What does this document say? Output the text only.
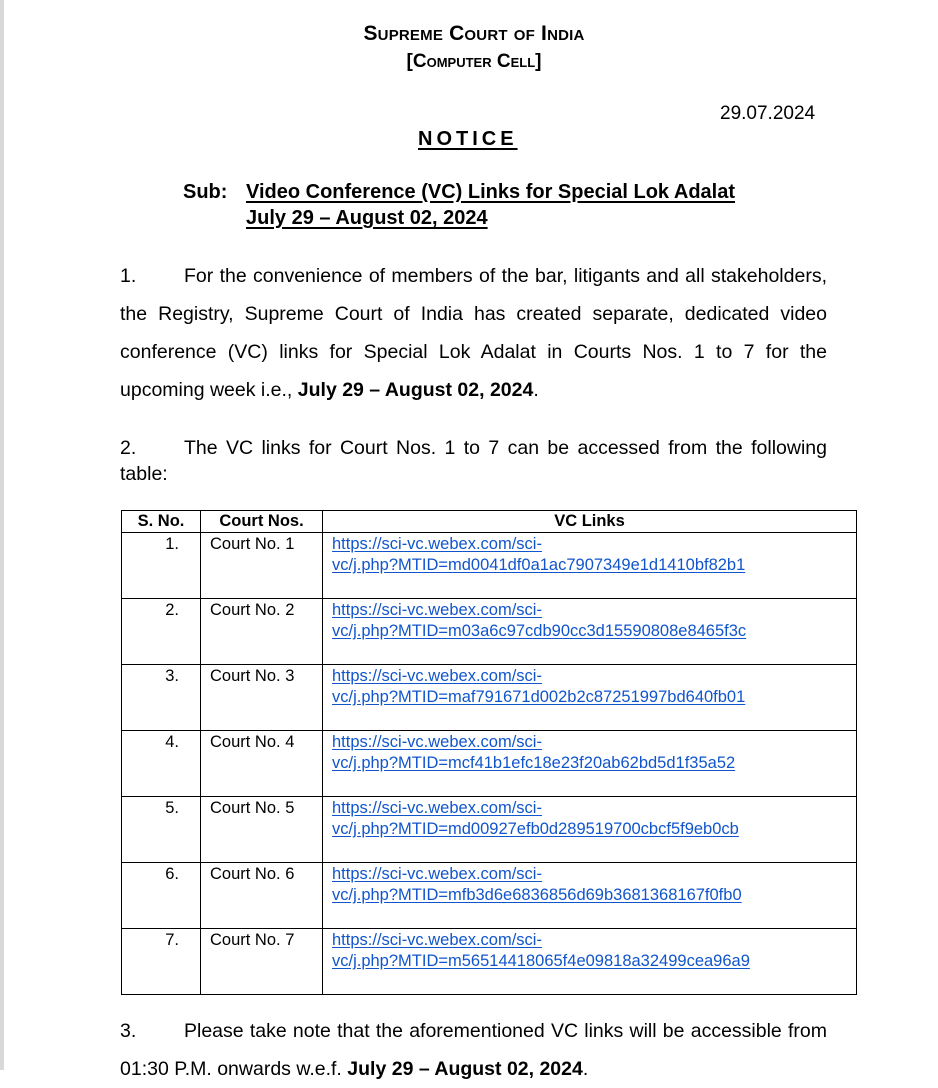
Supreme Court of India
[Computer Cell]
29.07.2024
NOTICE
Sub: Video Conference (VC) Links for Special Lok Adalat
July 29 – August 02, 2024
1. For the convenience of members of the bar, litigants and all stakeholders, the Registry, Supreme Court of India has created separate, dedicated video conference (VC) links for Special Lok Adalat in Courts Nos. 1 to 7 for the upcoming week i.e., July 29 – August 02, 2024.
2. The VC links for Court Nos. 1 to 7 can be accessed from the following table:
S. No.	Court Nos.	VC Links
1.	Court No. 1	https://sci-vc.webex.com/sci-
vc/j.php?MTID=md0041df0a1ac7907349e1d1410bf82b1
2.	Court No. 2	https://sci-vc.webex.com/sci-
vc/j.php?MTID=m03a6c97cdb90cc3d15590808e8465f3c
3.	Court No. 3	https://sci-vc.webex.com/sci-
vc/j.php?MTID=maf791671d002b2c87251997bd640fb01
4.	Court No. 4	https://sci-vc.webex.com/sci-
vc/j.php?MTID=mcf41b1efc18e23f20ab62bd5d1f35a52
5.	Court No. 5	https://sci-vc.webex.com/sci-
vc/j.php?MTID=md00927efb0d289519700cbcf5f9eb0cb
6.	Court No. 6	https://sci-vc.webex.com/sci-
vc/j.php?MTID=mfb3d6e6836856d69b3681368167f0fb0
7.	Court No. 7	https://sci-vc.webex.com/sci-
vc/j.php?MTID=m56514418065f4e09818a32499cea96a9
3. Please take note that the aforementioned VC links will be accessible from 01:30 P.M. onwards w.e.f. July 29 – August 02, 2024.
